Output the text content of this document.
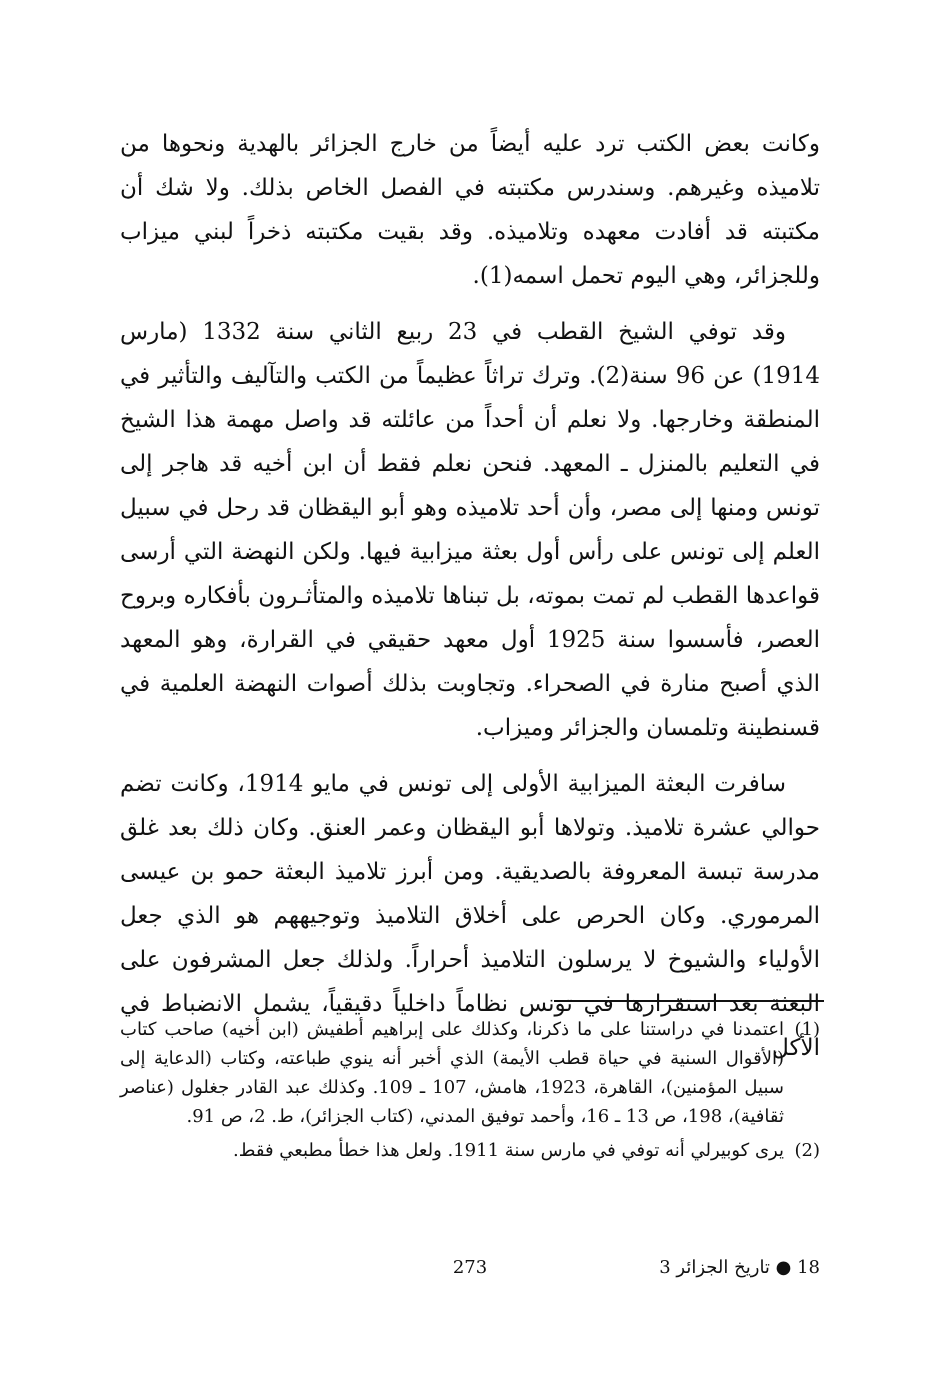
وكانت بعض الكتب ترد عليه أيضاً من خارج الجزائر بالهدية ونحوها من تلاميذه وغيرهم. وسندرس مكتبته في الفصل الخاص بذلك. ولا شك أن مكتبته قد أفادت معهده وتلاميذه. وقد بقيت مكتبته ذخراً لبني ميزاب وللجزائر، وهي اليوم تحمل اسمه(1).

وقد توفي الشيخ القطب في 23 ربيع الثاني سنة 1332 (مارس 1914) عن 96 سنة(2). وترك تراثاً عظيماً من الكتب والتآليف والتأثير في المنطقة وخارجها. ولا نعلم أن أحداً من عائلته قد واصل مهمة هذا الشيخ في التعليم بالمنزل ـ المعهد. فنحن نعلم فقط أن ابن أخيه قد هاجر إلى تونس ومنها إلى مصر، وأن أحد تلاميذه وهو أبو اليقظان قد رحل في سبيل العلم إلى تونس على رأس أول بعثة ميزابية فيها. ولكن النهضة التي أرسى قواعدها القطب لم تمت بموته، بل تبناها تلاميذه والمتأثـرون بأفكاره وبروح العصر، فأسسوا سنة 1925 أول معهد حقيقي في القرارة، وهو المعهد الذي أصبح منارة في الصحراء. وتجاوبت بذلك أصوات النهضة العلمية في قسنطينة وتلمسان والجزائر وميزاب.

سافرت البعثة الميزابية الأولى إلى تونس في مايو 1914، وكانت تضم حوالي عشرة تلاميذ. وتولاها أبو اليقظان وعمر العنق. وكان ذلك بعد غلق مدرسة تبسة المعروفة بالصديقية. ومن أبرز تلاميذ البعثة حمو بن عيسى المرموري. وكان الحرص على أخلاق التلاميذ وتوجيههم هو الذي جعل الأولياء والشيوخ لا يرسلون التلاميذ أحراراً. ولذلك جعل المشرفون على البعثة بعد استقرارها في تونس نظاماً داخلياً دقيقياً، يشمل الانضباط في الأكل

(1)
اعتمدنا في دراستنا على ما ذكرنا، وكذلك على إبراهيم أطفيش (ابن أخيه) صاحب كتاب (الأقوال السنية في حياة قطب الأيمة) الذي أخبر أنه ينوي طباعته، وكتاب (الدعاية إلى سبيل المؤمنين)، القاهرة، 1923، هامش، 107 ـ 109. وكذلك عبد القادر جغلول (عناصر ثقافية)، 198، ص 13 ـ 16، وأحمد توفيق المدني، (كتاب الجزائر)، ط. 2، ص 91.
(2)
يرى كوبيرلي أنه توفي في مارس سنة 1911. ولعل هذا خطأ مطبعي فقط.
273	18 ● تاريخ الجزائر 3
